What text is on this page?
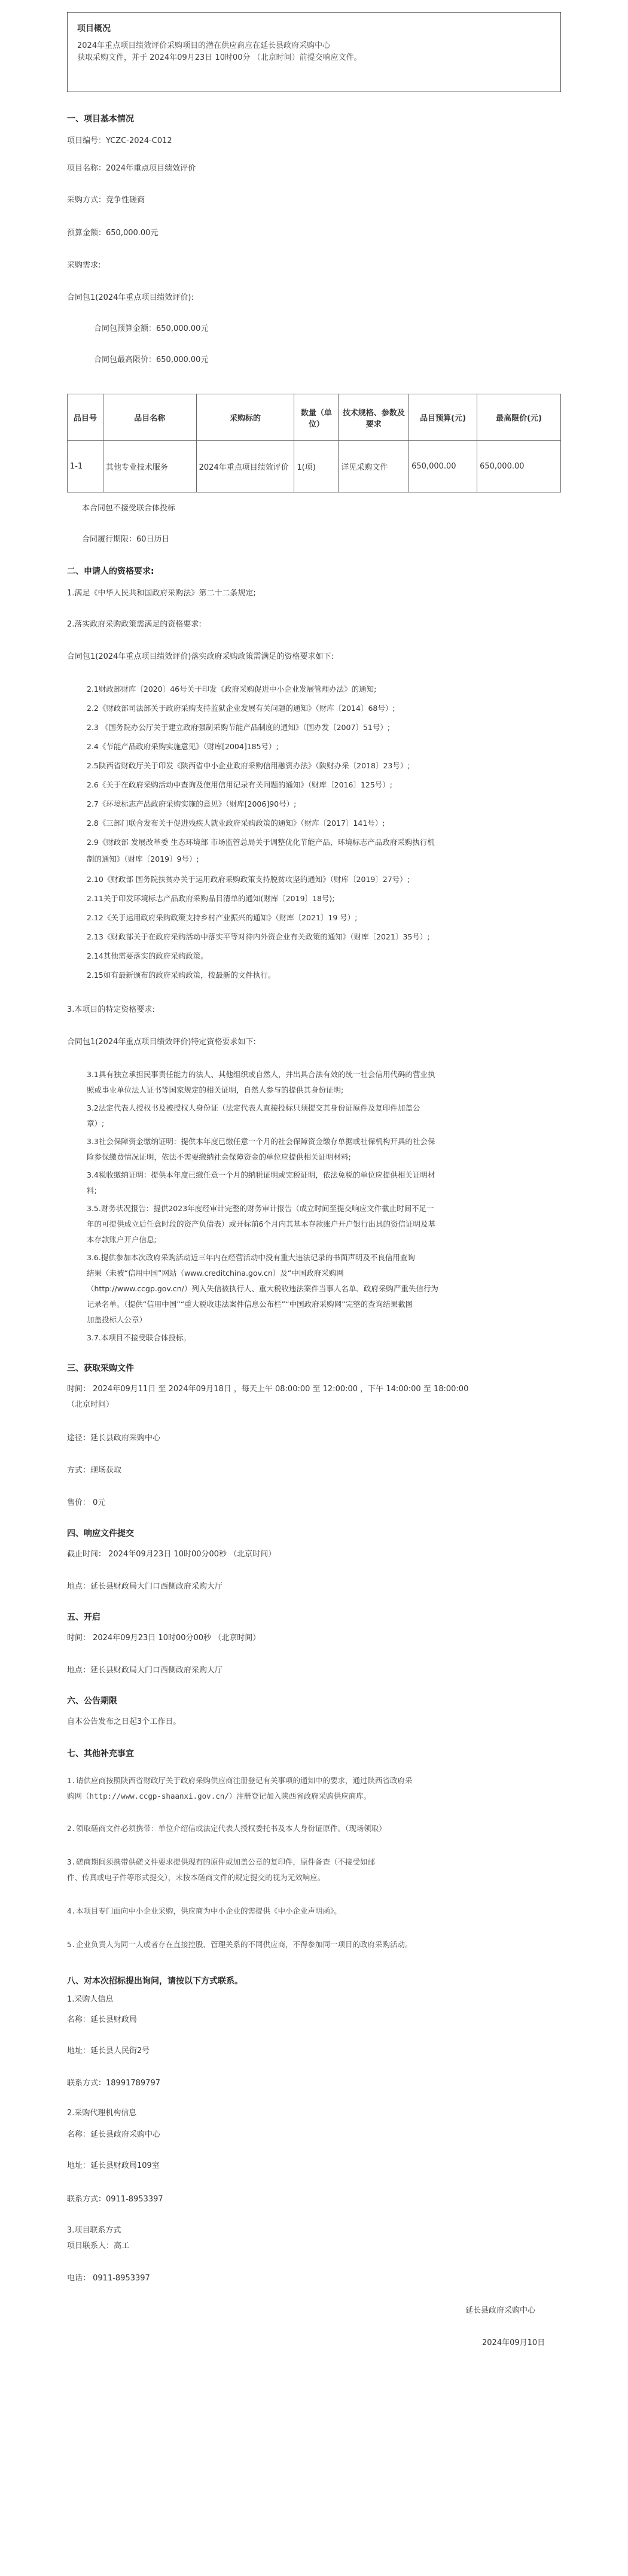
项目概况
2024年重点项目绩效评价采购项目的潜在供应商应在延长县政府采购中心
获取采购文件，并于 2024年09月23日 10时00分 （北京时间）前提交响应文件。
一、项目基本情况
项目编号：YCZC-2024-C012
项目名称：2024年重点项目绩效评价
采购方式：竞争性磋商
预算金额：650,000.00元
采购需求:
合同包1(2024年重点项目绩效评价):
合同包预算金额：650,000.00元
合同包最高限价：650,000.00元
品目号	品目名称	采购标的	数量（单位）	技术规格、参数及要求	品目预算(元)	最高限价(元)
1-1	其他专业技术服务	2024年重点项目绩效评价	1(项)	详见采购文件	650,000.00	650,000.00
本合同包不接受联合体投标
合同履行期限：60日历日
二、申请人的资格要求:
1.满足《中华人民共和国政府采购法》第二十二条规定;
2.落实政府采购政策需满足的资格要求:
合同包1(2024年重点项目绩效评价)落实政府采购政策需满足的资格要求如下:
2.1财政部财库〔2020〕46号关于印发《政府采购促进中小企业发展管理办法》的通知;
2.2《财政部司法部关于政府采购支持监狱企业发展有关问题的通知》（财库〔2014〕68号）;
2.3 《国务院办公厅关于建立政府强制采购节能产品制度的通知》（国办发〔2007〕51号）;
2.4《节能产品政府采购实施意见》（财库[2004]185号）;
2.5陕西省财政厅关于印发《陕西省中小企业政府采购信用融资办法》（陕财办采〔2018〕23号）;
2.6《关于在政府采购活动中查询及使用信用记录有关问题的通知》（财库〔2016〕125号）;
2.7《环境标志产品政府采购实施的意见》（财库[2006]90号）;
2.8《三部门联合发布关于促进残疾人就业政府采购政策的通知》（财库〔2017〕141号）;
2.9《财政部 发展改革委 生态环境部 市场监管总局关于调整优化节能产品、环境标志产品政府采购执行机
制的通知》（财库〔2019〕9号）;
2.10《财政部 国务院扶贫办关于运用政府采购政策支持脱贫攻坚的通知》（财库〔2019〕27号）;
2.11关于印发环境标志产品政府采购品目清单的通知(财库〔2019〕18号);
2.12《关于运用政府采购政策支持乡村产业振兴的通知》（财库〔2021〕19 号）;
2.13《财政部关于在政府采购活动中落实平等对待内外资企业有关政策的通知》（财库〔2021〕35号）;
2.14其他需要落实的政府采购政策。
2.15如有最新颁布的政府采购政策，按最新的文件执行。
3.本项目的特定资格要求:
合同包1(2024年重点项目绩效评价)特定资格要求如下:
3.1具有独立承担民事责任能力的法人、其他组织或自然人，并出具合法有效的统一社会信用代码的营业执
照或事业单位法人证书等国家规定的相关证明，自然人参与的提供其身份证明;
3.2法定代表人授权书及被授权人身份证（法定代表人直接投标只须提交其身份证原件及复印件加盖公
章）;
3.3社会保障资金缴纳证明：提供本年度已缴任意一个月的社会保障资金缴存单据或社保机构开具的社会保
险参保缴费情况证明，依法不需要缴纳社会保障资金的单位应提供相关证明材料;
3.4税收缴纳证明：提供本年度已缴任意一个月的纳税证明或完税证明，依法免税的单位应提供相关证明材
料;
3.5.财务状况报告：提供2023年度经审计完整的财务审计报告（成立时间至提交响应文件截止时间不足一
年的可提供成立后任意时段的资产负债表）或开标前6个月内其基本存款账户开户银行出具的资信证明及基
本存款账户开户信息;
3.6.提供参加本次政府采购活动近三年内在经营活动中没有重大违法记录的书面声明及不良信用查询
结果（未被“信用中国”网站（www.creditchina.gov.cn）及“中国政府采购网
（http://www.ccgp.gov.cn/）列入失信被执行人、重大税收违法案件当事人名单、政府采购严重失信行为
记录名单。（提供“信用中国”“重大税收违法案件信息公布栏”“中国政府采购网”完整的查询结果截图
加盖投标人公章）
3.7.本项目不接受联合体投标。
三、获取采购文件
时间： 2024年09月11日 至 2024年09月18日 ，每天上午 08:00:00 至 12:00:00 ，下午 14:00:00 至 18:00:00
（北京时间）
途径：延长县政府采购中心
方式：现场获取
售价： 0元
四、响应文件提交
截止时间： 2024年09月23日 10时00分00秒 （北京时间）
地点：延长县财政局大门口西侧政府采购大厅
五、开启
时间： 2024年09月23日 10时00分00秒 （北京时间）
地点：延长县财政局大门口西侧政府采购大厅
六、公告期限
自本公告发布之日起3个工作日。
七、其他补充事宜
1.请供应商按照陕西省财政厅关于政府采购供应商注册登记有关事项的通知中的要求，通过陕西省政府采
购网（http://www.ccgp-shaanxi.gov.cn/）注册登记加入陕西省政府采购供应商库。
2.领取磋商文件必须携带：单位介绍信或法定代表人授权委托书及本人身份证原件。（现场领取）
3.磋商期间须携带供磋文件要求提供现有的原件或加盖公章的复印件，原件备查（不接受如邮
件、传真或电子件等形式提交），未按本磋商文件的规定提交的视为无效响应。
4.本项目专门面向中小企业采购，供应商为中小企业的需提供《中小企业声明函》。
5.企业负责人为同一人或者存在直接控股、管理关系的不同供应商，不得参加同一项目的政府采购活动。
八、对本次招标提出询问，请按以下方式联系。
1.采购人信息
名称：延长县财政局
地址：延长县人民街2号
联系方式：18991789797
2.采购代理机构信息
名称：延长县政府采购中心
地址：延长县财政局109室
联系方式：0911-8953397
3.项目联系方式
项目联系人：高工
电话： 0911-8953397
延长县政府采购中心
2024年09月10日
